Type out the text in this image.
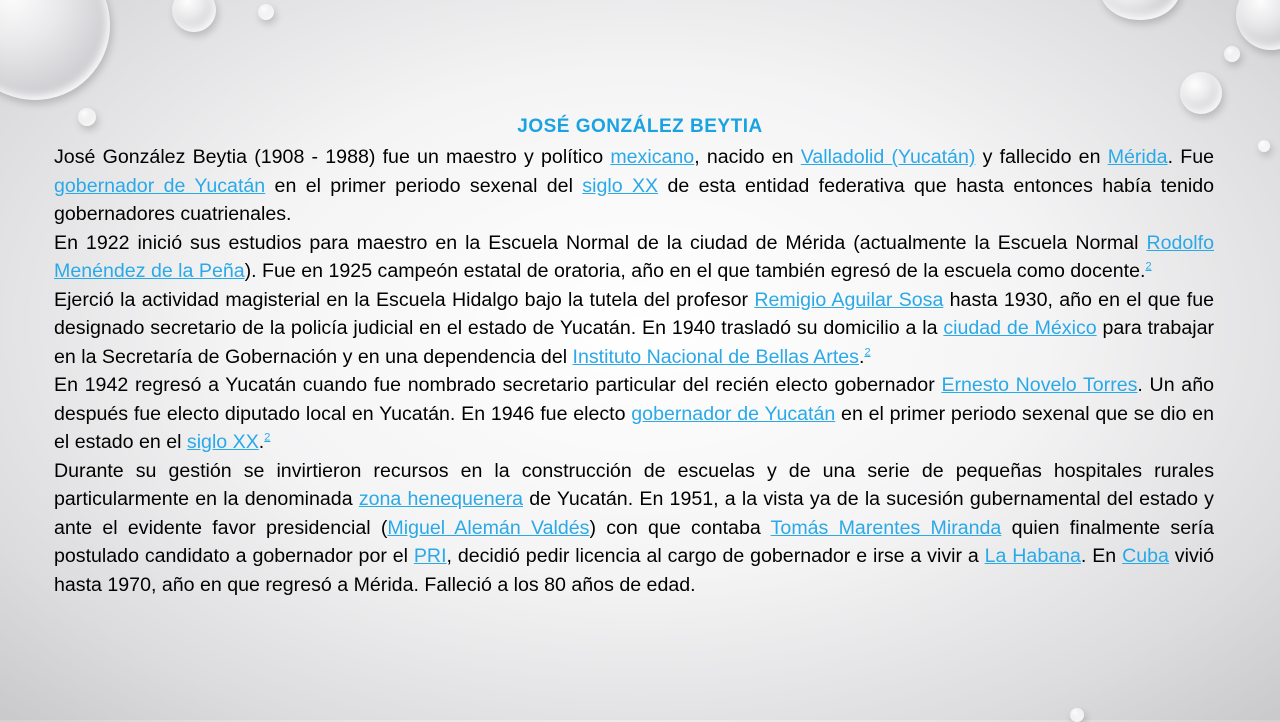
JOSÉ GONZÁLEZ BEYTIA

José González Beytia (1908 - 1988) fue un maestro y político mexicano, nacido en Valladolid (Yucatán) y fallecido en Mérida. Fue gobernador de Yucatán en el primer periodo sexenal del siglo XX de esta entidad federativa que hasta entonces había tenido gobernadores cuatrienales.

En 1922 inició sus estudios para maestro en la Escuela Normal de la ciudad de Mérida (actualmente la Escuela Normal Rodolfo Menéndez de la Peña). Fue en 1925 campeón estatal de oratoria, año en el que también egresó de la escuela como docente.$^2$

Ejerció la actividad magisterial en la Escuela Hidalgo bajo la tutela del profesor Remigio Aguilar Sosa hasta 1930, año en el que fue designado secretario de la policía judicial en el estado de Yucatán. En 1940 trasladó su domicilio a la ciudad de México para trabajar en la Secretaría de Gobernación y en una dependencia del Instituto Nacional de Bellas Artes.$^2$

En 1942 regresó a Yucatán cuando fue nombrado secretario particular del recién electo gobernador Ernesto Novelo Torres. Un año después fue electo diputado local en Yucatán. En 1946 fue electo gobernador de Yucatán en el primer periodo sexenal que se dio en el estado en el siglo XX.$^2$

Durante su gestión se invirtieron recursos en la construcción de escuelas y de una serie de pequeñas hospitales rurales particularmente en la denominada zona henequenera de Yucatán. En 1951, a la vista ya de la sucesión gubernamental del estado y ante el evidente favor presidencial (Miguel Alemán Valdés) con que contaba Tomás Marentes Miranda quien finalmente sería postulado candidato a gobernador por el PRI, decidió pedir licencia al cargo de gobernador e irse a vivir a La Habana. En Cuba vivió hasta 1970, año en que regresó a Mérida. Falleció a los 80 años de edad.
